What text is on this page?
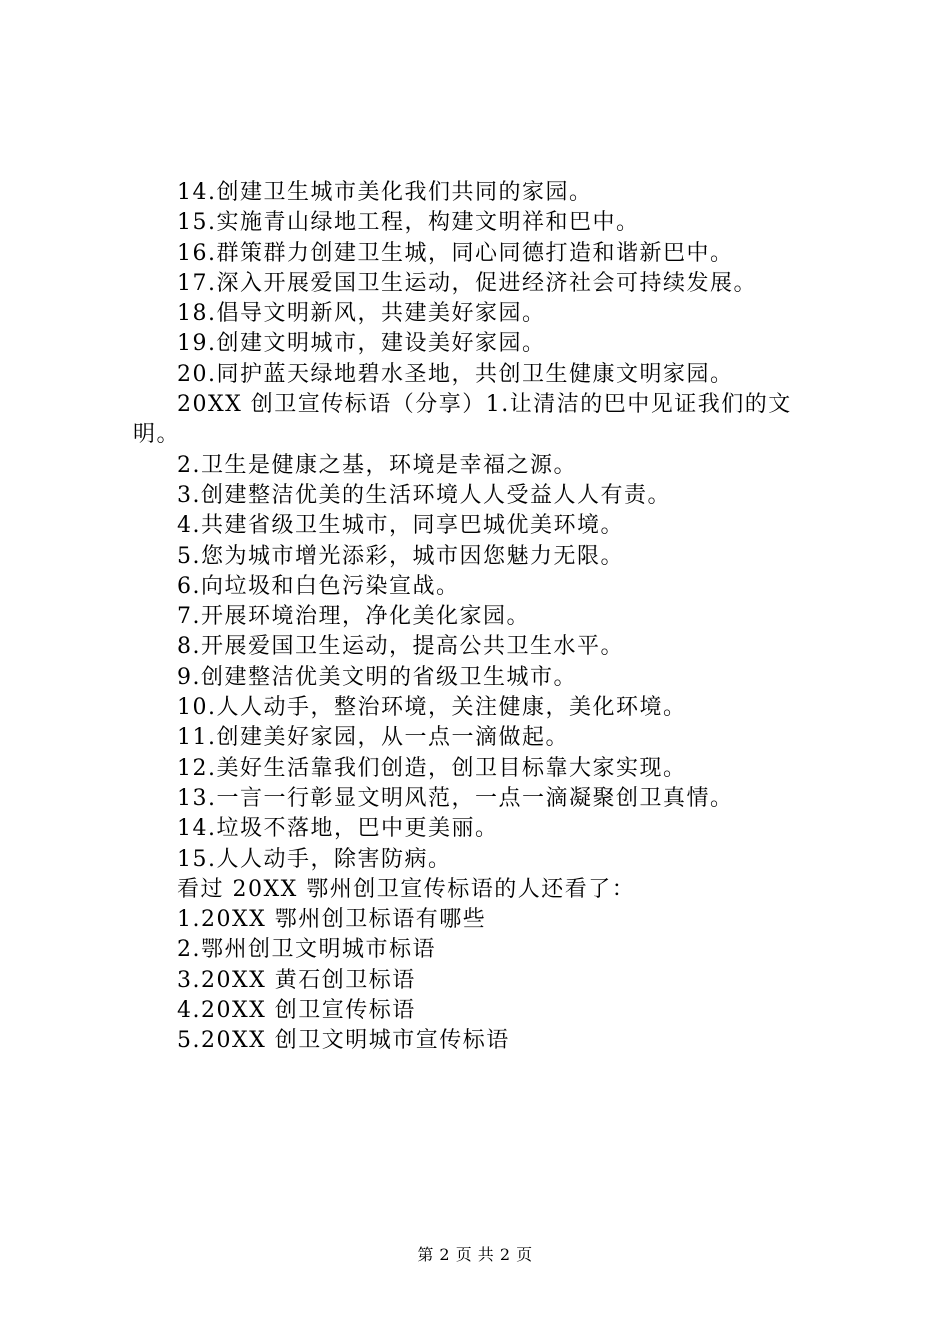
14.创建卫生城市美化我们共同的家园。
15.实施青山绿地工程，构建文明祥和巴中。
16.群策群力创建卫生城，同心同德打造和谐新巴中。
17.深入开展爱国卫生运动，促进经济社会可持续发展。
18.倡导文明新风，共建美好家园。
19.创建文明城市，建设美好家园。
20.同护蓝天绿地碧水圣地，共创卫生健康文明家园。
20XX 创卫宣传标语（分享）1.让清洁的巴中见证我们的文
明。
2.卫生是健康之基，环境是幸福之源。
3.创建整洁优美的生活环境人人受益人人有责。
4.共建省级卫生城市，同享巴城优美环境。
5.您为城市增光添彩，城市因您魅力无限。
6.向垃圾和白色污染宣战。
7.开展环境治理，净化美化家园。
8.开展爱国卫生运动，提高公共卫生水平。
9.创建整洁优美文明的省级卫生城市。
10.人人动手，整治环境，关注健康，美化环境。
11.创建美好家园，从一点一滴做起。
12.美好生活靠我们创造，创卫目标靠大家实现。
13.一言一行彰显文明风范，一点一滴凝聚创卫真情。
14.垃圾不落地，巴中更美丽。
15.人人动手，除害防病。
看过 20XX 鄂州创卫宣传标语的人还看了：
1.20XX 鄂州创卫标语有哪些
2.鄂州创卫文明城市标语
3.20XX 黄石创卫标语
4.20XX 创卫宣传标语
5.20XX 创卫文明城市宣传标语
第 2 页 共 2 页
